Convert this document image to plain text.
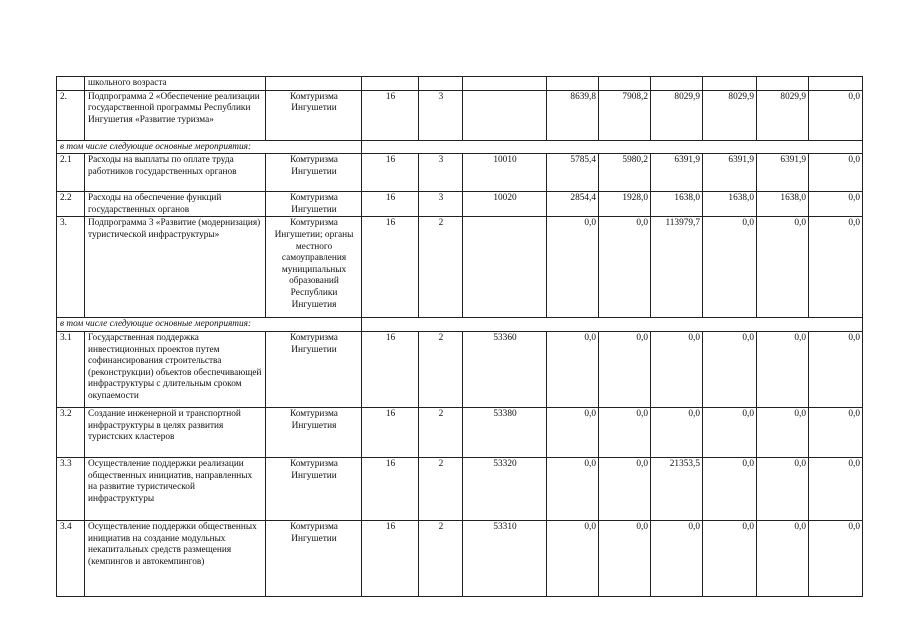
	школьного возраста										
2.	Подпрограмма 2 «Обеспечение реализации государственной программы Республики Ингушетия «Развитие туризма»	Комтуризма Ингушетии	16	3		8639,8	7908,2	8029,9	8029,9	8029,9	0,0
в том числе следующие основные мероприятия:											
2.1	Расходы на выплаты по оплате труда работников государственных органов	Комтуризма Ингушетии	16	3	10010	5785,4	5980,2	6391,9	6391,9	6391,9	0,0
2.2	Расходы на обеспечение функций государственных органов	Комтуризма Ингушетии	16	3	10020	2854,4	1928,0	1638,0	1638,0	1638,0	0,0
3.	Подпрограмма 3 «Развитие (модернизация) туристической инфраструктуры»	Комтуризма Ингушетии; органы местного самоуправления муниципальных образований Республики Ингушетия	16	2		0,0	0,0	113979,7	0,0	0,0	0,0
в том числе следующие основные мероприятия:											
3.1	Государственная поддержка инвестиционных проектов путем софинансирования строительства (реконструкции) объектов обеспечивающей инфраструктуры с длительным сроком окупаемости	Комтуризма Ингушетии	16	2	53360	0,0	0,0	0,0	0,0	0,0	0,0
3.2	Создание инженерной и транспортной инфраструктуры в целях развития туристских кластеров	Комтуризма Ингушетия	16	2	53380	0,0	0,0	0,0	0,0	0,0	0,0
3.3	Осуществление поддержки реализации общественных инициатив, направленных на развитие туристической инфраструктуры	Комтуризма Ингушетии	16	2	53320	0,0	0,0	21353,5	0,0	0,0	0,0
3.4	Осуществление поддержки общественных инициатив на создание модульных некапитальных средств размещения (кемпингов и автокемпингов)	Комтуризма Ингушетии	16	2	53310	0,0	0,0	0,0	0,0	0,0	0,0
